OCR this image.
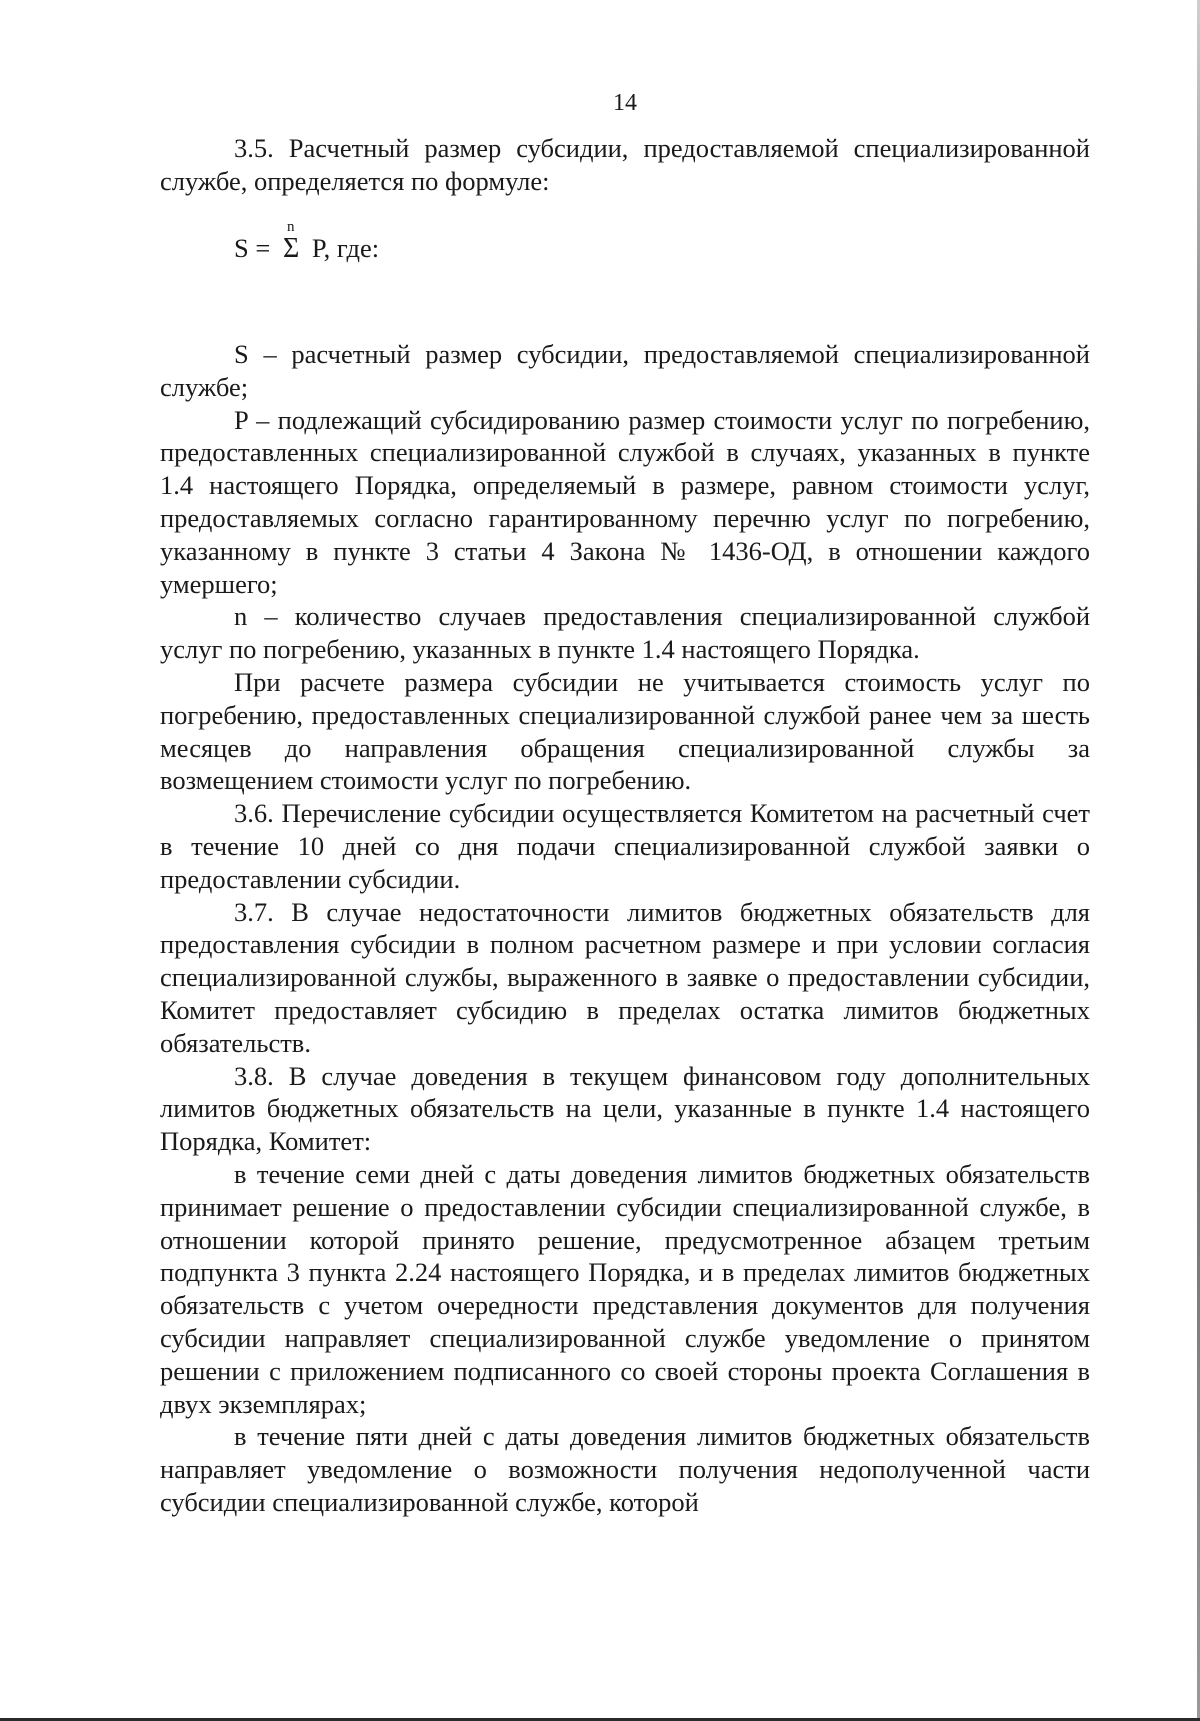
14

3.5. Расчетный размер субсидии, предоставляемой специализированной службе, определяется по формуле:

S =
n
Σ P, где:

S – расчетный размер субсидии, предоставляемой специализированной службе;

P – подлежащий субсидированию размер стоимости услуг по погребению, предоставленных специализированной службой в случаях, указанных в пункте 1.4 настоящего Порядка, определяемый в размере, равном стоимости услуг, предоставляемых согласно гарантированному перечню услуг по погребению, указанному в пункте 3 статьи 4 Закона № 1436-ОД, в отношении каждого умершего;

n – количество случаев предоставления специализированной службой услуг по погребению, указанных в пункте 1.4 настоящего Порядка.

При расчете размера субсидии не учитывается стоимость услуг по погребению, предоставленных специализированной службой ранее чем за шесть месяцев до направления обращения специализированной службы за возмещением стоимости услуг по погребению.

3.6. Перечисление субсидии осуществляется Комитетом на расчетный счет в течение 10 дней со дня подачи специализированной службой заявки о предоставлении субсидии.

3.7. В случае недостаточности лимитов бюджетных обязательств для предоставления субсидии в полном расчетном размере и при условии согласия специализированной службы, выраженного в заявке о предоставлении субсидии, Комитет предоставляет субсидию в пределах остатка лимитов бюджетных обязательств.

3.8. В случае доведения в текущем финансовом году дополнительных лимитов бюджетных обязательств на цели, указанные в пункте 1.4 настоящего Порядка, Комитет:

в течение семи дней с даты доведения лимитов бюджетных обязательств принимает решение о предоставлении субсидии специализированной службе, в отношении которой принято решение, предусмотренное абзацем третьим подпункта 3 пункта 2.24 настоящего Порядка, и в пределах лимитов бюджетных обязательств с учетом очередности представления документов для получения субсидии направляет специализированной службе уведомление о принятом решении с приложением подписанного со своей стороны проекта Соглашения в двух экземплярах;

в течение пяти дней с даты доведения лимитов бюджетных обязательств направляет уведомление о возможности получения недополученной части субсидии специализированной службе, которой
